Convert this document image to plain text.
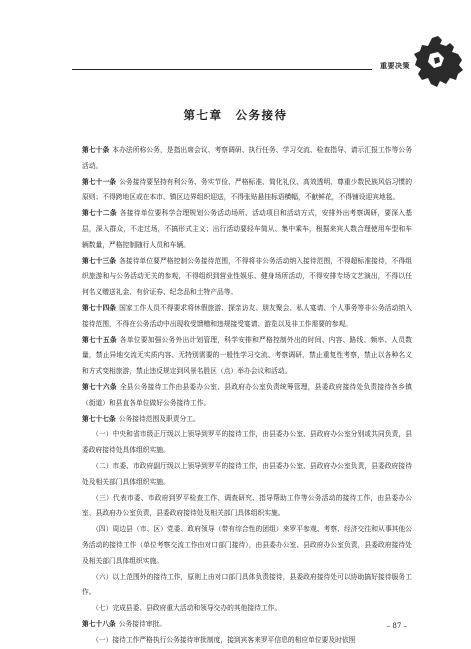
重要决策
第七章　公务接待

第七十条 本办法所称公务，是指出席会议、考察调研、执行任务、学习交流、检查指导、请示汇报工作等公务活动。

第七十一条 公务接待要坚持有利公务、务实节俭、严格标准、简化礼仪、高效透明、尊重少数民族风俗习惯的原则；不得跨地区或在本市、镇区边界组织迎送，不得张贴悬挂标语横幅，不献鲜花，不得铺设迎宾地毯。

第七十二条 各接待单位要科学合理规划公务活动场所、活动项目和活动方式，安排外出考察调研，要深入基层，深入群众，不走过场，不搞形式主义；出行活动要轻车简从、集中乘车，根据来宾人数合理使用车型和车辆数量，严格控制随行人员和车辆。

第七十三条 各接待单位要严格控制公务接待范围，不得将非公务活动纳入接待范围，不得超标准接待，不得组织旅游和与公务活动无关的参观，不得组织到营业性娱乐、健身场所活动，不得安排专场文艺演出，不得以任何名义赠送礼金、有价证券、纪念品和土特产品等。

第七十四条 国家工作人员不得要求将休假旅游、探亲访友、朋友聚会、私人宴请、个人事务等非公务活动纳入接待范围，不得在公务活动中出现收受馈赠和违规接受宴请、游览以及非工作需要的参观。

第七十五条 各单位要加强公务外出计划管理，科学安排和严格控制外出的时间、内容、路线、频率、人员数量，禁止异地交流无实质内容、无特别需要的一般性学习交流、考察调研，禁止重复性考察，禁止以各种名义和方式变相旅游，禁止违反规定到风景名胜区（点）举办会议和活动。

第七十六条 全县公务接待工作由县委办公室、县政府办公室负责统筹管理，县委政府接待处负责接待各乡镇（街道）和县直各单位做好公务接待工作。

第七十七条 公务接待范围及职责分工。

（一）中央和省市级正厅级以上领导到罗平的接待工作，由县委办公室、县政府办公室分别或共同负责，县委政府接待处具体组织实施。

（二）市委、市政府副厅级以上领导到罗平的接待工作，由县委办公室、县政府办公室负责，县委政府接待处及相关部门具体组织实施。

（三）代表市委、市政府到罗平检查工作、调查研究、指导帮助工作等公务活动的接待工作，由县委办公室、县政府办公室负责，县委政府接待处及相关部门具体组织实施。

（四）周边县（市、区）党委、政府领导（带有综合性的团组）来罗平参观、考察、经济交往和从事其他公务活动的接待工作（单位考察交流工作由对口部门接待），由县委办公室、县政府办公室负责，县委政府接待处及相关部门具体组织实施。

（六）以上范围外的接待工作，原则上由对口部门具体负责接待，县委政府接待处可以协助搞好接待服务工作。

（七）完成县委、县政府重大活动和领导交办的其他接待工作。

第七十八条 公务接待审批。

（一）接待工作严格执行公务接待审批制度，接到宾客来罗平信息的相应单位要及时依照

– 87 –
